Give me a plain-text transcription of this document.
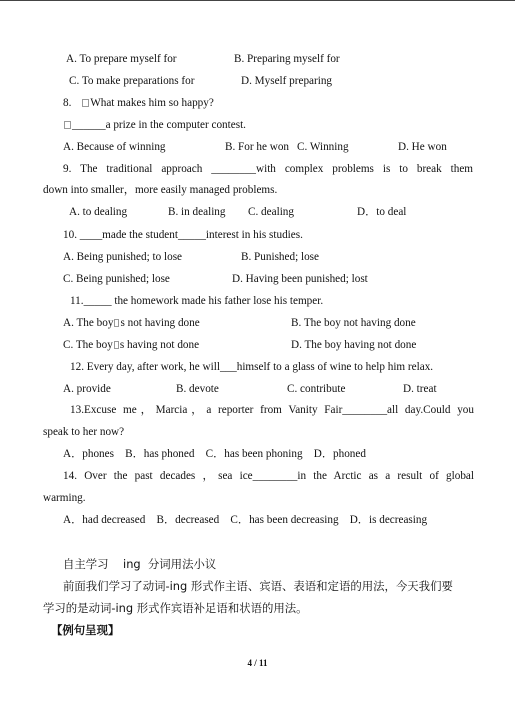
A. To prepare myself for	B. Preparing myself for
C. To make preparations for	D. Myself preparing
8. What makes him so happy?
______a prize in the computer contest.
A. Because of winning	B. For he won C. Winning	D. He won
9. The traditional approach ________with complex problems is to break them
down into smaller，more easily managed problems.
A. to dealing	B. in dealing C. dealing	D．to deal
10. ____made the student_____interest in his studies.
A. Being punished; to lose	B. Punished; lose
C. Being punished; lose	D. Having been punished; lost
11._____ the homework made his father lose his temper.
A. The boy s not having done	B. The boy not having done
C. The boy s having not done	D. The boy having not done
12. Every day, after work, he will___himself to a glass of wine to help him relax.
A. provide	B. devote	C. contribute	D. treat
13.Excuse me，Marcia，a reporter from Vanity Fair________all day.Could you
speak to her now?
A．phones    B．has phoned    C．has been phoning    D．phoned
14. Over the past decades ，sea ice________in the Arctic as a result of global
warming.
A．had decreased    B．decreased    C．has been decreasing    D．is decreasing
自主学习    ing  分词用法小议
前面我们学习了动词-ing 形式作主语、宾语、表语和定语的用法，今天我们要
学习的是动词-ing 形式作宾语补足语和状语的用法。
【例句呈现】
4 / 11
